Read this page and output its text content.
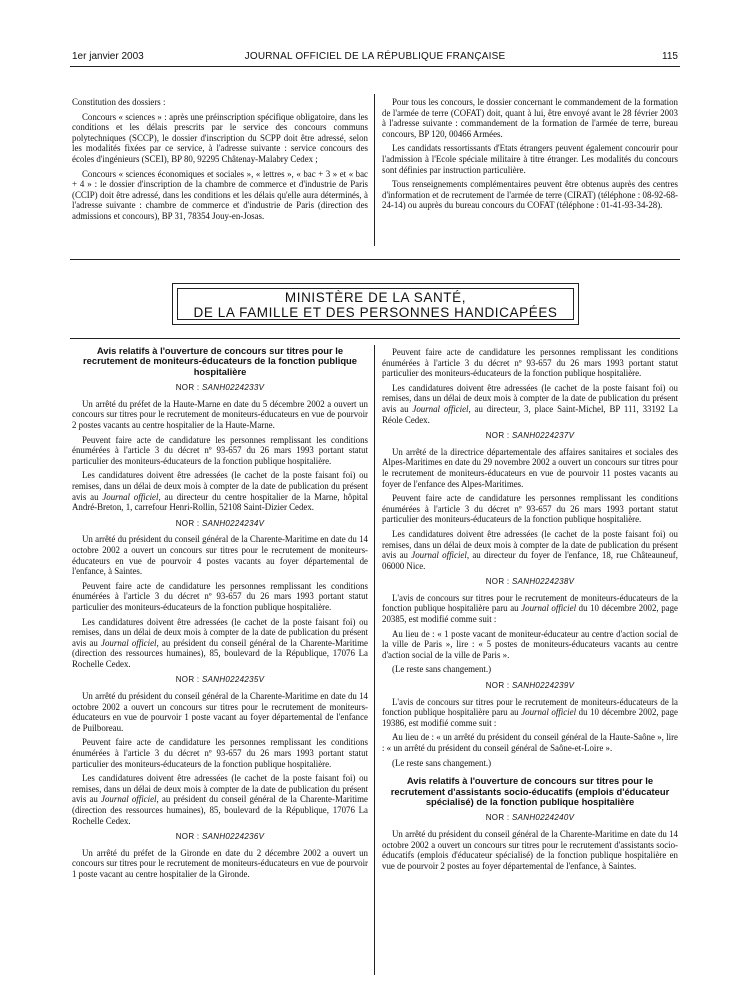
1er janvier 2003	JOURNAL OFFICIEL DE LA RÉPUBLIQUE FRANÇAISE	115

Constitution des dossiers :

Concours « sciences » : après une préinscription spécifique obligatoire, dans les conditions et les délais prescrits par le service des concours communs polytechniques (SCCP), le dossier d'inscription du SCPP doit être adressé, selon les modalités fixées par ce service, à l'adresse suivante : service concours des écoles d'ingénieurs (SCEI), BP 80, 92295 Châtenay-Malabry Cedex ;

Concours « sciences économiques et sociales », « lettres », « bac + 3 » et « bac + 4 » : le dossier d'inscription de la chambre de commerce et d'industrie de Paris (CCIP) doit être adressé, dans les conditions et les délais qu'elle aura déterminés, à l'adresse suivante : chambre de commerce et d'industrie de Paris (direction des admissions et concours), BP 31, 78354 Jouy-en-Josas.

Pour tous les concours, le dossier concernant le commandement de la formation de l'armée de terre (COFAT) doit, quant à lui, être envoyé avant le 28 février 2003 à l'adresse suivante : commandement de la formation de l'armée de terre, bureau concours, BP 120, 00466 Armées.

Les candidats ressortissants d'Etats étrangers peuvent également concourir pour l'admission à l'Ecole spéciale militaire à titre étranger. Les modalités du concours sont définies par instruction particulière.

Tous renseignements complémentaires peuvent être obtenus auprès des centres d'information et de recrutement de l'armée de terre (CIRAT) (téléphone : 08-92-68-24-14) ou auprès du bureau concours du COFAT (téléphone : 01-41-93-34-28).

MINISTÈRE DE LA SANTÉ,
DE LA FAMILLE ET DES PERSONNES HANDICAPÉES
Avis relatifs à l'ouverture de concours sur titres pour le recrutement de moniteurs-éducateurs de la fonction publique hospitalière
NOR : SANH0224233V

Un arrêté du préfet de la Haute-Marne en date du 5 décembre 2002 a ouvert un concours sur titres pour le recrutement de moniteurs-éducateurs en vue de pourvoir 2 postes vacants au centre hospitalier de la Haute-Marne.

Peuvent faire acte de candidature les personnes remplissant les conditions énumérées à l'article 3 du décret nº 93-657 du 26 mars 1993 portant statut particulier des moniteurs-éducateurs de la fonction publique hospitalière.

Les candidatures doivent être adressées (le cachet de la poste faisant foi) ou remises, dans un délai de deux mois à compter de la date de publication du présent avis au Journal officiel, au directeur du centre hospitalier de la Marne, hôpital André-Breton, 1, carrefour Henri-Rollin, 52108 Saint-Dizier Cedex.

NOR : SANH0224234V

Un arrêté du président du conseil général de la Charente-Maritime en date du 14 octobre 2002 a ouvert un concours sur titres pour le recrutement de moniteurs-éducateurs en vue de pourvoir 4 postes vacants au foyer départemental de l'enfance, à Saintes.

Peuvent faire acte de candidature les personnes remplissant les conditions énumérées à l'article 3 du décret nº 93-657 du 26 mars 1993 portant statut particulier des moniteurs-éducateurs de la fonction publique hospitalière.

Les candidatures doivent être adressées (le cachet de la poste faisant foi) ou remises, dans un délai de deux mois à compter de la date de publication du présent avis au Journal officiel, au président du conseil général de la Charente-Maritime (direction des ressources humaines), 85, boulevard de la République, 17076 La Rochelle Cedex.

NOR : SANH0224235V

Un arrêté du président du conseil général de la Charente-Maritime en date du 14 octobre 2002 a ouvert un concours sur titres pour le recrutement de moniteurs-éducateurs en vue de pourvoir 1 poste vacant au foyer départemental de l'enfance de Puilboreau.

Peuvent faire acte de candidature les personnes remplissant les conditions énumérées à l'article 3 du décret nº 93-657 du 26 mars 1993 portant statut particulier des moniteurs-éducateurs de la fonction publique hospitalière.

Les candidatures doivent être adressées (le cachet de la poste faisant foi) ou remises, dans un délai de deux mois à compter de la date de publication du présent avis au Journal officiel, au président du conseil général de la Charente-Maritime (direction des ressources humaines), 85, boulevard de la République, 17076 La Rochelle Cedex.

NOR : SANH0224236V

Un arrêté du préfet de la Gironde en date du 2 décembre 2002 a ouvert un concours sur titres pour le recrutement de moniteurs-éducateurs en vue de pourvoir 1 poste vacant au centre hospitalier de la Gironde.

Peuvent faire acte de candidature les personnes remplissant les conditions énumérées à l'article 3 du décret nº 93-657 du 26 mars 1993 portant statut particulier des moniteurs-éducateurs de la fonction publique hospitalière.

Les candidatures doivent être adressées (le cachet de la poste faisant foi) ou remises, dans un délai de deux mois à compter de la date de publication du présent avis au Journal officiel, au directeur, 3, place Saint-Michel, BP 111, 33192 La Réole Cedex.

NOR : SANH0224237V

Un arrêté de la directrice départementale des affaires sanitaires et sociales des Alpes-Maritimes en date du 29 novembre 2002 a ouvert un concours sur titres pour le recrutement de moniteurs-éducateurs en vue de pourvoir 11 postes vacants au foyer de l'enfance des Alpes-Maritimes.

Peuvent faire acte de candidature les personnes remplissant les conditions énumérées à l'article 3 du décret nº 93-657 du 26 mars 1993 portant statut particulier des moniteurs-éducateurs de la fonction publique hospitalière.

Les candidatures doivent être adressées (le cachet de la poste faisant foi) ou remises, dans un délai de deux mois à compter de la date de publication du présent avis au Journal officiel, au directeur du foyer de l'enfance, 18, rue Châteauneuf, 06000 Nice.

NOR : SANH0224238V

L'avis de concours sur titres pour le recrutement de moniteurs-éducateurs de la fonction publique hospitalière paru au Journal officiel du 10 décembre 2002, page 20385, est modifié comme suit :

Au lieu de : « 1 poste vacant de moniteur-éducateur au centre d'action social de la ville de Paris », lire : « 5 postes de moniteurs-éducateurs vacants au centre d'action social de la ville de Paris ».

(Le reste sans changement.)

NOR : SANH0224239V

L'avis de concours sur titres pour le recrutement de moniteurs-éducateurs de la fonction publique hospitalière paru au Journal officiel du 10 décembre 2002, page 19386, est modifié comme suit :

Au lieu de : « un arrêté du président du conseil général de la Haute-Saône », lire : « un arrêté du président du conseil général de Saône-et-Loire ».

(Le reste sans changement.)

Avis relatifs à l'ouverture de concours sur titres pour le recrutement d'assistants socio-éducatifs (emplois d'éducateur spécialisé) de la fonction publique hospitalière
NOR : SANH0224240V

Un arrêté du président du conseil général de la Charente-Maritime en date du 14 octobre 2002 a ouvert un concours sur titres pour le recrutement d'assistants socio-éducatifs (emplois d'éducateur spécialisé) de la fonction publique hospitalière en vue de pourvoir 2 postes au foyer départemental de l'enfance, à Saintes.
